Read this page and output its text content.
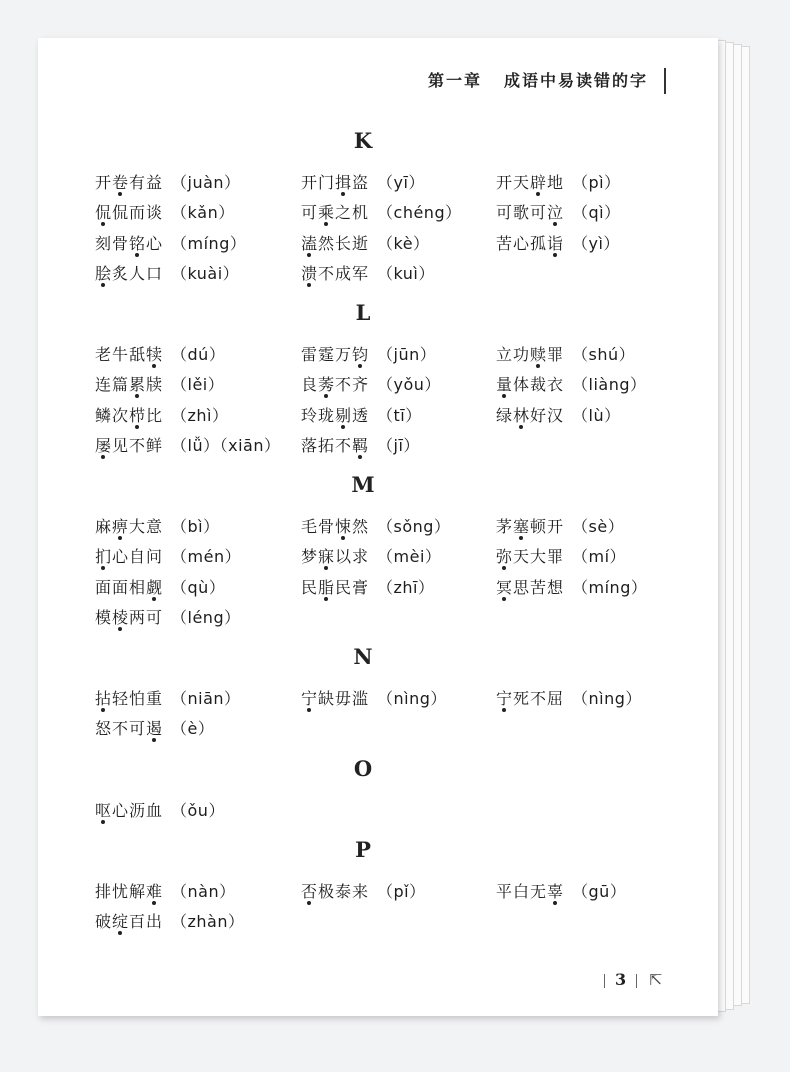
第一章 成语中易读错的字
K
开卷有益 （juàn）	开门揖盗 （yī）	开天辟地 （pì）
侃侃而谈 （kǎn）	可乘之机 （chéng） 可歌可泣 （qì）
刻骨铭心 （míng）	溘然长逝 （kè）	苦心孤诣 （yì）
脍炙人口 （kuài）	溃不成军 （kuì）
L
老牛舐犊 （dú）	雷霆万钧 （jūn）	立功赎罪 （shú）
连篇累牍 （lěi）	良莠不齐 （yǒu）	量体裁衣 （liàng）
鳞次栉比 （zhì）	玲珑剔透 （tī）	绿林好汉 （lù）
屡见不鲜 （lǚ）（xiān） 落拓不羁 （jī）
M
麻痹大意 （bì）	毛骨悚然 （sǒng）	茅塞顿开 （sè）
扪心自问 （mén）	梦寐以求 （mèi）	弥天大罪 （mí）
面面相觑 （qù）	民脂民膏 （zhī）	冥思苦想 （míng）
模棱两可 （léng）
N
拈轻怕重 （niān）	宁缺毋滥 （nìng）	宁死不屈 （nìng）
怒不可遏 （è）
O
呕心沥血 （ǒu）
P
排忧解难 （nàn）	否极泰来 （pǐ）	平白无辜 （gū）
破绽百出 （zhàn）
3 ⇱
